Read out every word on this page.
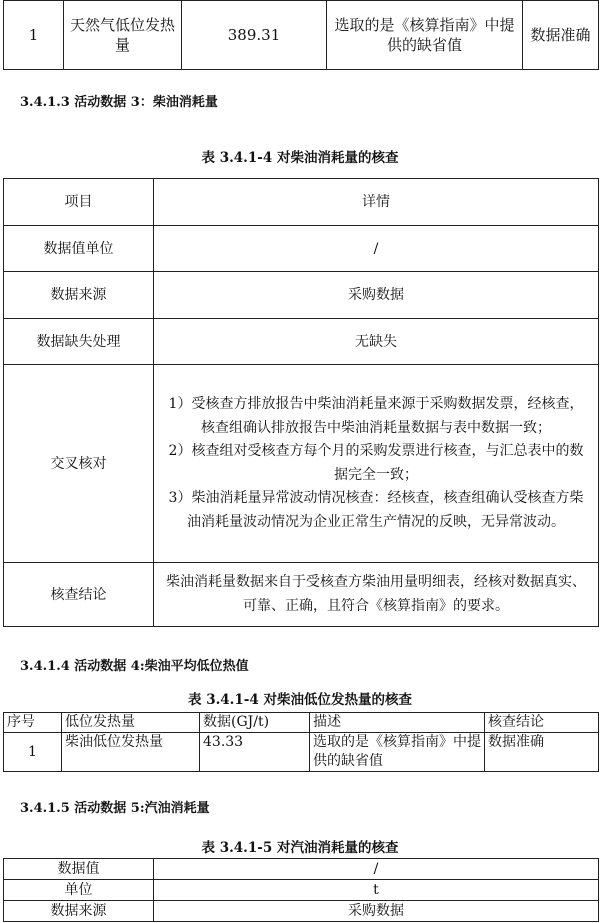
1	天然气低位发热量	389.31	选取的是《核算指南》中提供的缺省值	数据准确
3.4.1.3 活动数据 3：柴油消耗量
表 3.4.1-4 对柴油消耗量的核查
项目	详情
数据值单位	/
数据来源	采购数据
数据缺失处理	无缺失
交叉核对	1）受核查方排放报告中柴油消耗量来源于采购数据发票，经核查，核查组确认排放报告中柴油消耗量数据与表中数据一致；
2）核查组对受核查方每个月的采购发票进行核查，与汇总表中的数据完全一致；
3）柴油消耗量异常波动情况核查：经核查，核查组确认受核查方柴油消耗量波动情况为企业正常生产情况的反映，无异常波动。
核查结论	柴油消耗量数据来自于受核查方柴油用量明细表，经核对数据真实、可靠、正确，且符合《核算指南》的要求。
3.4.1.4 活动数据 4:柴油平均低位热值
表 3.4.1-4 对柴油低位发热量的核查
序号	低位发热量	数据(GJ/t)	描述	核查结论
1	柴油低位发热量	43.33	选取的是《核算指南》中提供的缺省值	数据准确
3.4.1.5 活动数据 5:汽油消耗量
表 3.4.1-5 对汽油消耗量的核查
数据值	/
单位	t
数据来源	采购数据
